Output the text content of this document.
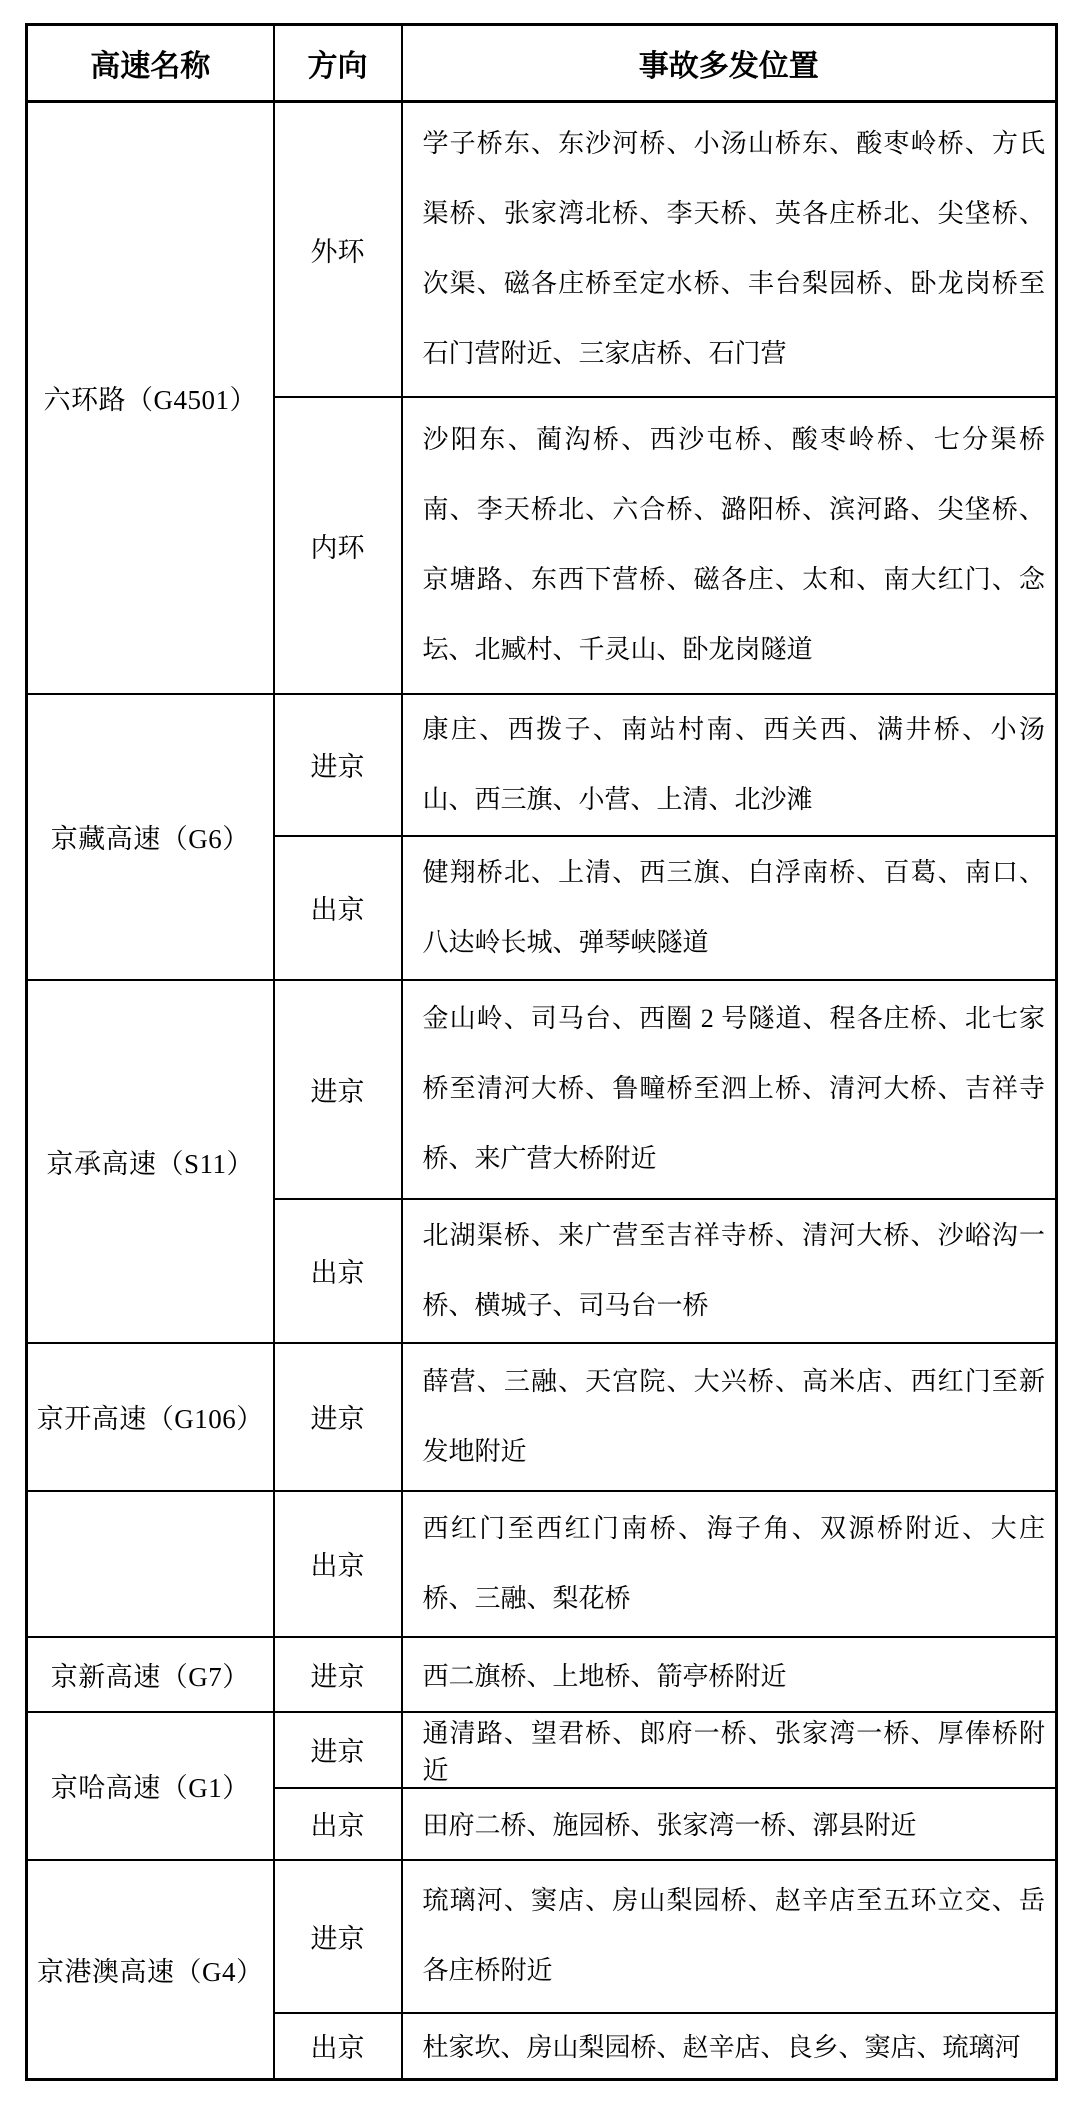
高速名称	方向	事故多发位置
六环路（G4501）	外环	学子桥东、东沙河桥、小汤山桥东、酸枣岭桥、方氏渠桥、张家湾北桥、李天桥、英各庄桥北、尖垡桥、次渠、磁各庄桥至定水桥、丰台梨园桥、卧龙岗桥至石门营附近、三家店桥、石门营
	内环	沙阳东、蔺沟桥、西沙屯桥、酸枣岭桥、七分渠桥南、李天桥北、六合桥、潞阳桥、滨河路、尖垡桥、京塘路、东西下营桥、磁各庄、太和、南大红门、念坛、北臧村、千灵山、卧龙岗隧道
京藏高速（G6）	进京	康庄、西拨子、南站村南、西关西、满井桥、小汤山、西三旗、小营、上清、北沙滩
	出京	健翔桥北、上清、西三旗、白浮南桥、百葛、南口、八达岭长城、弹琴峡隧道
京承高速（S11）	进京	金山岭、司马台、西圈 2 号隧道、程各庄桥、北七家桥至清河大桥、鲁疃桥至泗上桥、清河大桥、吉祥寺桥、来广营大桥附近
	出京	北湖渠桥、来广营至吉祥寺桥、清河大桥、沙峪沟一桥、横城子、司马台一桥
京开高速（G106）	进京	薛营、三融、天宫院、大兴桥、高米店、西红门至新发地附近
	出京	西红门至西红门南桥、海子角、双源桥附近、大庄桥、三融、梨花桥
京新高速（G7）	进京	西二旗桥、上地桥、箭亭桥附近
京哈高速（G1）	进京	通清路、望君桥、郎府一桥、张家湾一桥、厚俸桥附近
	出京	田府二桥、施园桥、张家湾一桥、漷县附近
京港澳高速（G4）	进京	琉璃河、窦店、房山梨园桥、赵辛店至五环立交、岳各庄桥附近
	出京	杜家坎、房山梨园桥、赵辛店、良乡、窦店、琉璃河
